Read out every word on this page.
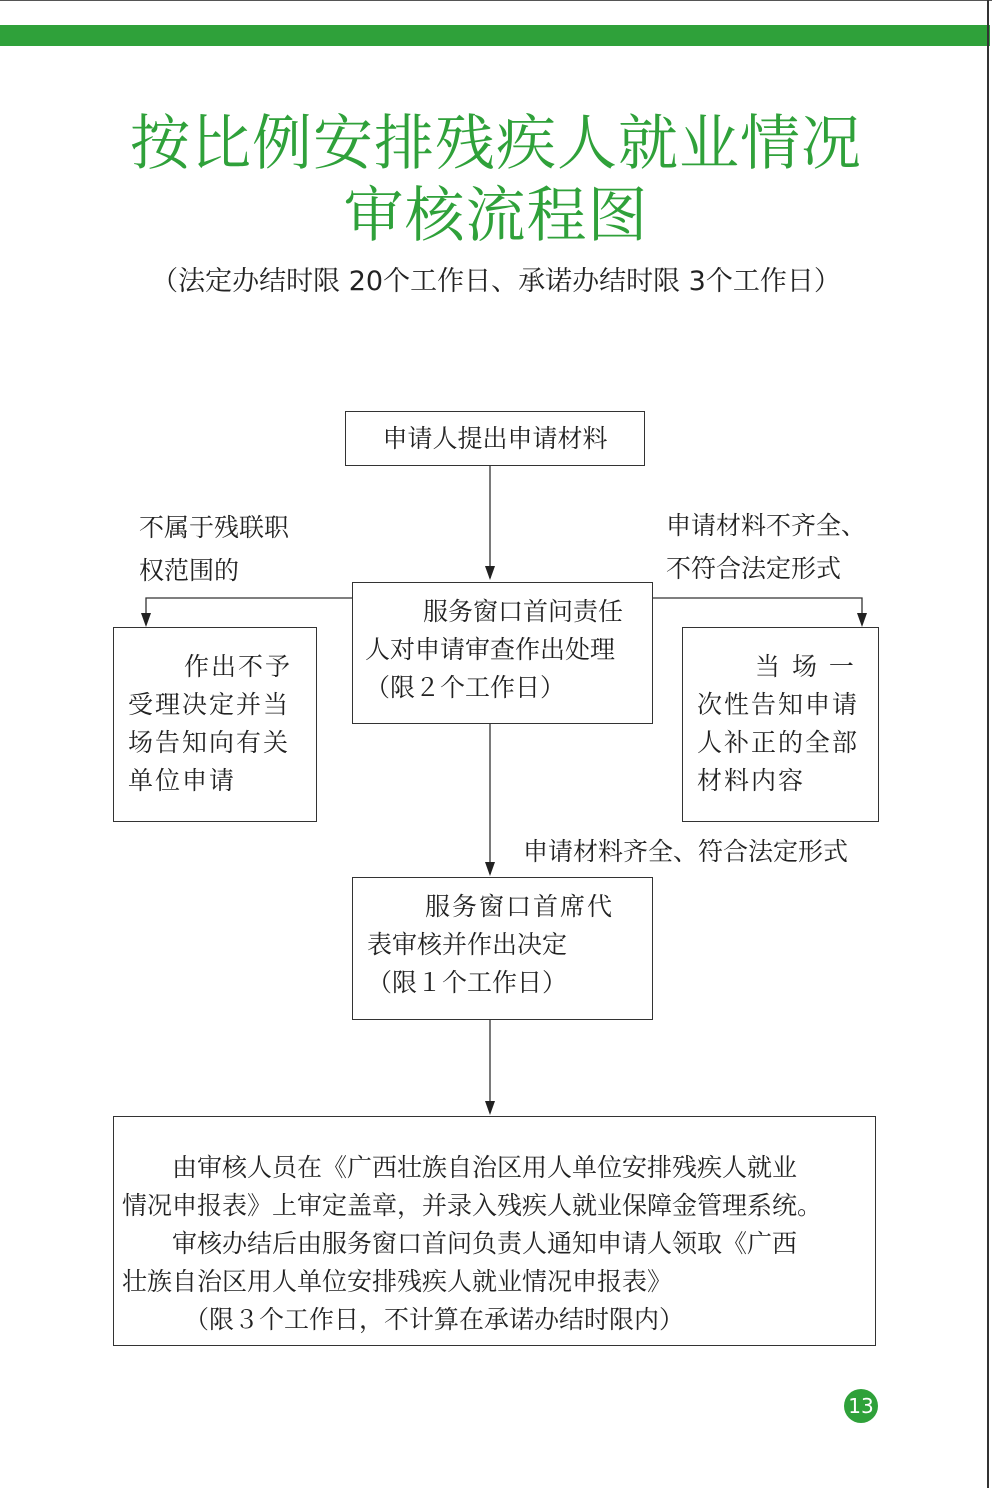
按比例安排残疾人就业情况
审核流程图
（法定办结时限 20个工作日、承诺办结时限 3个工作日）
申请人提出申请材料
服务窗口首问责任
人对申请审查作出处理
（限２个工作日）
作出不予
受理决定并当
场告知向有关
单位申请
当 场 一
次性告知申请
人补正的全部
材料内容
服务窗口首席代
表审核并作出决定
（限１个工作日）
由审核人员在《广西壮族自治区用人单位安排残疾人就业
情况申报表》上审定盖章，并录入残疾人就业保障金管理系统。
审核办结后由服务窗口首问负责人通知申请人领取《广西
壮族自治区用人单位安排残疾人就业情况申报表》
（限３个工作日，不计算在承诺办结时限内）
不属于残联职
权范围的
申请材料不齐全、
不符合法定形式
申请材料齐全、符合法定形式
13
